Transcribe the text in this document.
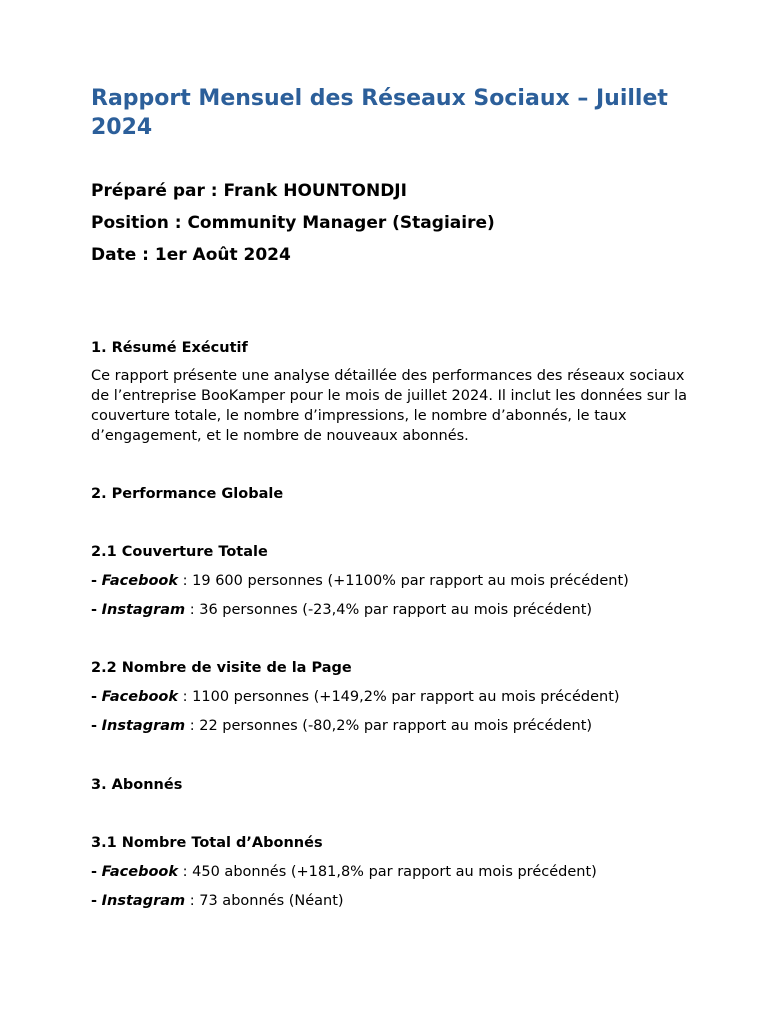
Rapport Mensuel des Réseaux Sociaux – Juillet 2024

Préparé par : Frank HOUNTONDJI

Position : Community Manager (Stagiaire)

Date : 1er Août 2024

1. Résumé Exécutif

Ce rapport présente une analyse détaillée des performances des réseaux sociaux de l’entreprise BooKamper pour le mois de juillet 2024. Il inclut les données sur la couverture totale, le nombre d’impressions, le nombre d’abonnés, le taux d’engagement, et le nombre de nouveaux abonnés.

2. Performance Globale

2.1 Couverture Totale

- Facebook : 19 600 personnes (+1100% par rapport au mois précédent)

- Instagram : 36 personnes (-23,4% par rapport au mois précédent)

2.2 Nombre de visite de la Page

- Facebook : 1100 personnes (+149,2% par rapport au mois précédent)

- Instagram : 22 personnes (-80,2% par rapport au mois précédent)

3. Abonnés

3.1 Nombre Total d’Abonnés

- Facebook : 450 abonnés (+181,8% par rapport au mois précédent)

- Instagram : 73 abonnés (Néant)
